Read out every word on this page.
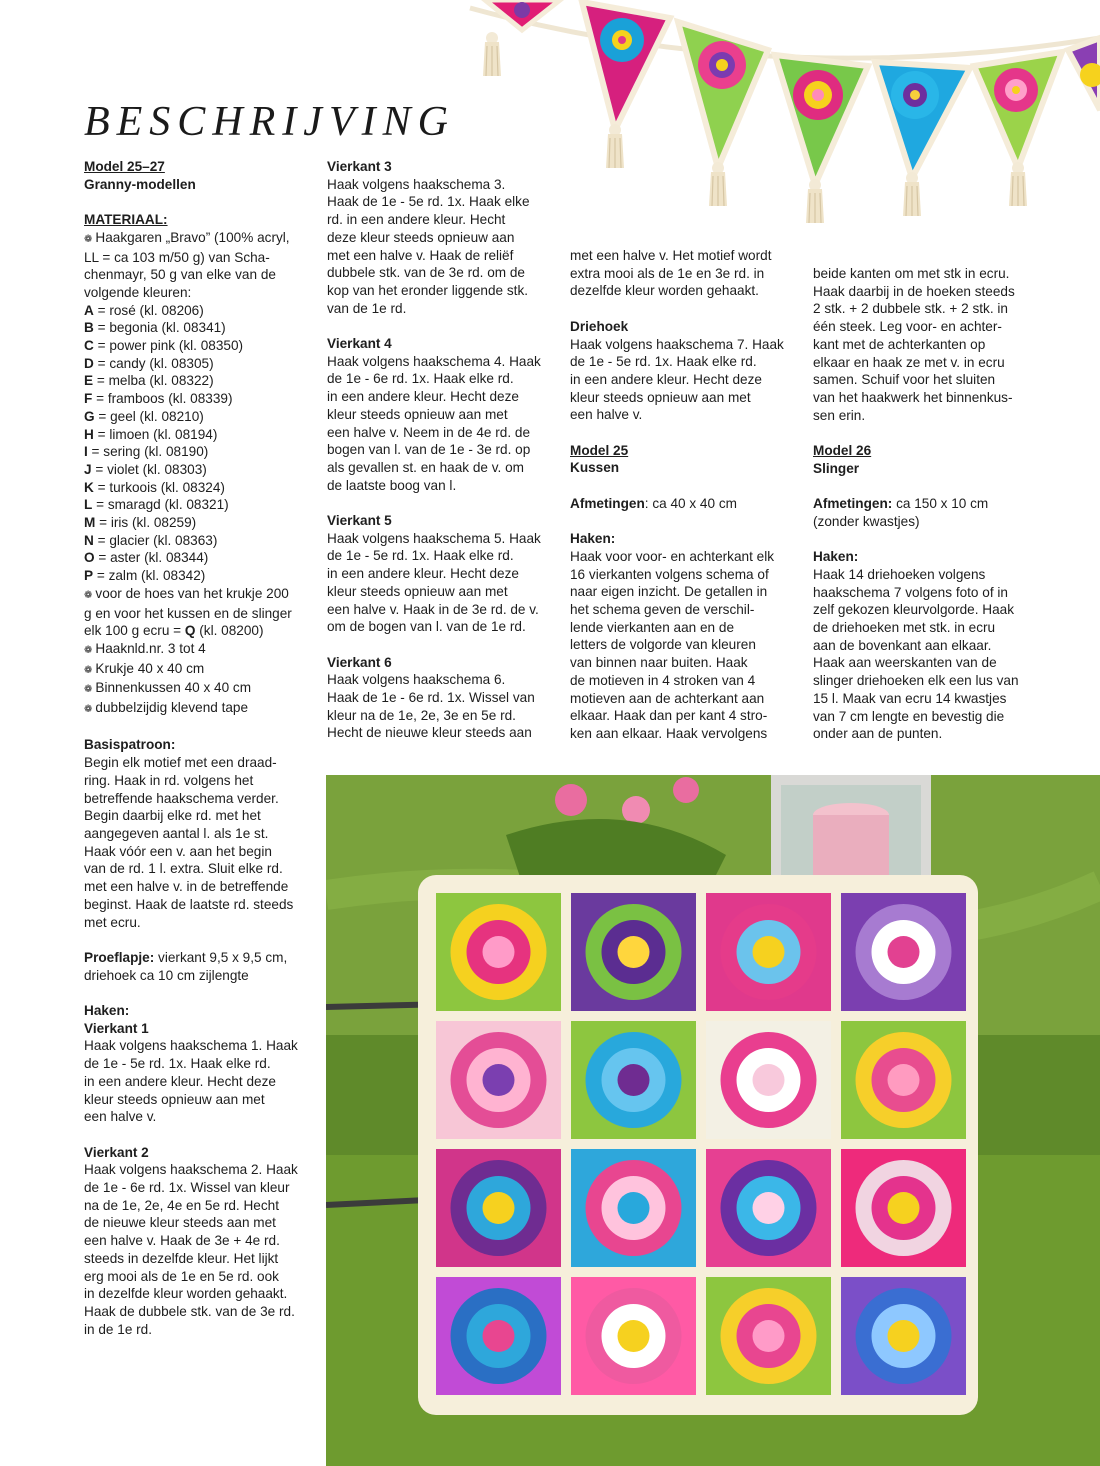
BESCHRIJVING

Model 25–27

Granny-modellen

MATERIAAL:

❁ Haakgaren „Bravo” (100% acryl,

LL = ca 103 m/50 g) van Scha-

chenmayr, 50 g van elke van de

volgende kleuren:

A = rosé (kl. 08206)

B = begonia (kl. 08341)

C = power pink (kl. 08350)

D = candy (kl. 08305)

E = melba (kl. 08322)

F = framboos (kl. 08339)

G = geel (kl. 08210)

H = limoen (kl. 08194)

I = sering (kl. 08190)

J = violet (kl. 08303)

K = turkoois (kl. 08324)

L = smaragd (kl. 08321)

M = iris (kl. 08259)

N = glacier (kl. 08363)

O = aster (kl. 08344)

P = zalm (kl. 08342)

❁ voor de hoes van het krukje 200

g en voor het kussen en de slinger

elk 100 g ecru = Q (kl. 08200)

❁ Haaknld.nr. 3 tot 4

❁ Krukje 40 x 40 cm

❁ Binnenkussen 40 x 40 cm

❁ dubbelzijdig klevend tape

Basispatroon:

Begin elk motief met een draad-

ring. Haak in rd. volgens het

betreffende haakschema verder.

Begin daarbij elke rd. met het

aangegeven aantal l. als 1e st.

Haak vóór een v. aan het begin

van de rd. 1 l. extra. Sluit elke rd.

met een halve v. in de betreffende

beginst. Haak de laatste rd. steeds

met ecru.

Proeflapje: vierkant 9,5 x 9,5 cm,

driehoek ca 10 cm zijlengte

Haken:

Vierkant 1

Haak volgens haakschema 1. Haak

de 1e - 5e rd. 1x. Haak elke rd.

in een andere kleur. Hecht deze

kleur steeds opnieuw aan met

een halve v.

Vierkant 2

Haak volgens haakschema 2. Haak

de 1e - 6e rd. 1x. Wissel van kleur

na de 1e, 2e, 4e en 5e rd. Hecht

de nieuwe kleur steeds aan met

een halve v. Haak de 3e + 4e rd.

steeds in dezelfde kleur. Het lijkt

erg mooi als de 1e en 5e rd. ook

in dezelfde kleur worden gehaakt.

Haak de dubbele stk. van de 3e rd.

in de 1e rd.

Vierkant 3

Haak volgens haakschema 3.

Haak de 1e - 5e rd. 1x. Haak elke

rd. in een andere kleur. Hecht

deze kleur steeds opnieuw aan

met een halve v. Haak de reliëf

dubbele stk. van de 3e rd. om de

kop van het eronder liggende stk.

van de 1e rd.

Vierkant 4

Haak volgens haakschema 4. Haak

de 1e - 6e rd. 1x. Haak elke rd.

in een andere kleur. Hecht deze

kleur steeds opnieuw aan met

een halve v. Neem in de 4e rd. de

bogen van l. van de 1e - 3e rd. op

als gevallen st. en haak de v. om

de laatste boog van l.

Vierkant 5

Haak volgens haakschema 5. Haak

de 1e - 5e rd. 1x. Haak elke rd.

in een andere kleur. Hecht deze

kleur steeds opnieuw aan met

een halve v. Haak in de 3e rd. de v.

om de bogen van l. van de 1e rd.

Vierkant 6

Haak volgens haakschema 6.

Haak de 1e - 6e rd. 1x. Wissel van

kleur na de 1e, 2e, 3e en 5e rd.

Hecht de nieuwe kleur steeds aan

met een halve v. Het motief wordt

extra mooi als de 1e en 3e rd. in

dezelfde kleur worden gehaakt.

Driehoek

Haak volgens haakschema 7. Haak

de 1e - 5e rd. 1x. Haak elke rd.

in een andere kleur. Hecht deze

kleur steeds opnieuw aan met

een halve v.

Model 25

Kussen

Afmetingen: ca 40 x 40 cm

Haken:

Haak voor voor- en achterkant elk

16 vierkanten volgens schema of

naar eigen inzicht. De getallen in

het schema geven de verschil-

lende vierkanten aan en de

letters de volgorde van kleuren

van binnen naar buiten. Haak

de motieven in 4 stroken van 4

motieven aan de achterkant aan

elkaar. Haak dan per kant 4 stro-

ken aan elkaar. Haak vervolgens

beide kanten om met stk in ecru.

Haak daarbij in de hoeken steeds

2 stk. + 2 dubbele stk. + 2 stk. in

één steek. Leg voor- en achter-

kant met de achterkanten op

elkaar en haak ze met v. in ecru

samen. Schuif voor het sluiten

van het haakwerk het binnenkus-

sen erin.

Model 26

Slinger

Afmetingen: ca 150 x 10 cm

(zonder kwastjes)

Haken:

Haak 14 driehoeken volgens

haakschema 7 volgens foto of in

zelf gekozen kleurvolgorde. Haak

de driehoeken met stk. in ecru

aan de bovenkant aan elkaar.

Haak aan weerskanten van de

slinger driehoeken elk een lus van

15 l. Maak van ecru 14 kwastjes

van 7 cm lengte en bevestig die

onder aan de punten.
